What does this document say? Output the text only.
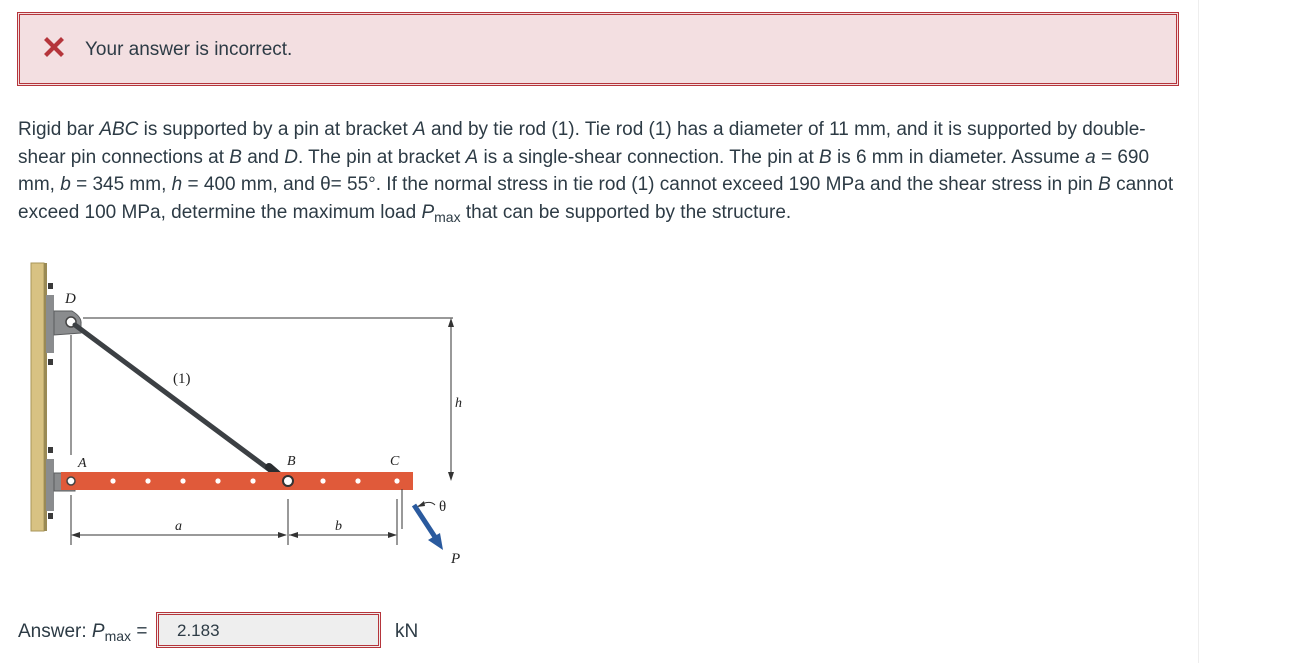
Your answer is incorrect.
Rigid bar ABC is supported by a pin at bracket A and by tie rod (1). Tie rod (1) has a diameter of 11 mm, and it is supported by double-shear pin connections at B and D. The pin at bracket A is a single-shear connection. The pin at B is 6 mm in diameter. Assume a = 690 mm, b = 345 mm, h = 400 mm, and θ= 55°. If the normal stress in tie rod (1) cannot exceed 190 MPa and the shear stress in pin B cannot exceed 100 MPa, determine the maximum load $P_{max}$ that can be supported by the structure.
h
D
A	B	C
(1)
a	b
θ
P
Answer: $P_{max}$ =	2.183	kN
